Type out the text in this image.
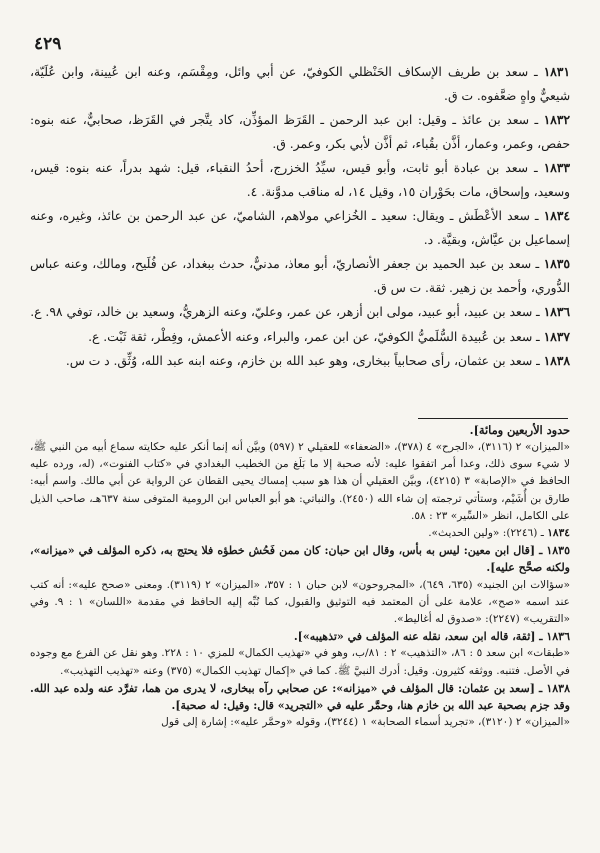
٤٢٩

١٨٣١ ـ سعد بن طريف الإسكاف الحَنْظلي الكوفيّ، عن أبي وائل، ومِقْسَم، وعنه ابن عُيينة، وابن عُلَيّة، شيعيٌّ واهٍ ضعَّفوه. ت ق.

١٨٣٢ ـ سعد بن عائذ ـ وقيل: ابن عبد الرحمن ـ القَرَظ المؤذِّن، كاد يتَّجر في القَرَظ، صحابيٌّ، عنه بنوه: حفص، وعمر، وعمار، أذَّن بقُباء، ثم أذَّن لأبي بكر، وعمر. ق.

١٨٣٣ ـ سعد بن عبادة أبو ثابت، وأبو قيس، سيِّدُ الخزرج، أحدُ النقباء، قيل: شهد بدراً، عنه بنوه: قيس، وسعيد، وإسحاق، مات بحَوْران ١٥، وقيل ١٤، له مناقب مدوَّنة. ٤.

١٨٣٤ ـ سعد الأعْطَش ـ ويقال: سعيد ـ الخُزاعي مولاهم، الشاميّ، عن عبد الرحمن بن عائذ، وغيره، وعنه إسماعيل بن عيَّاش، وبقيَّة. د.

١٨٣٥ ـ سعد بن عبد الحميد بن جعفر الأنصاريّ، أبو معاذ، مدنيٌّ، حدث ببغداد، عن فُلَيح، ومالك، وعنه عباس الدُّوري، وأحمد بن زهير. ثقة. ت س ق.

١٨٣٦ ـ سعد بن عبيد، أبو عبيد، مولى ابن أزهر، عن عمر، وعليّ، وعنه الزهريُّ، وسعيد بن خالد، توفي ٩٨. ع.

١٨٣٧ ـ سعد بن عُبيدة السُّلَميُّ الكوفيّ، عن ابن عمر، والبراء، وعنه الأعمش، وفِطْر، ثقة ثَبْت. ع.

١٨٣٨ ـ سعد بن عثمان، رأى صحابياً ببخارى، وهو عبد الله بن خازم، وعنه ابنه عبد الله، وُثِّق. د ت س.

حدود الأربعين ومائة].
«الميزان» ٢ (٣١١٦)، «الجرح» ٤ (٣٧٨)، «الضعفاء» للعقيلي ٢ (٥٩٧) وبيَّن أنه إنما أنكر عليه حكايته سماع أبيه من النبي ﷺ، لا شيء سوى ذلك، وعدا أمر اتفقوا عليه: لأنه صحبة إلا ما بَلَغ من الخطيب البغدادي في «كتاب الفنوت»، (له، ورده عليه الحافظ في «الإصابة» ٣ (٤٢١٥)، وبيَّن العقيلي أن هذا هو سبب إمساك يحيى القطان عن الرواية عن أبي مالك. واسم أبيه: طارق بن أُشَيْم، وستأتي ترجمته إن شاء الله (٢٤٥٠). والنباتي: هو أبو العباس ابن الرومية المتوفى سنة ٦٣٧هـ، صاحب الذيل على الكامل، انظر «السِّير» ٢٣ : ٥٨.
١٨٣٤ ـ (٢٢٤٦): «ولين الحديث».
١٨٣٥ ـ [قال ابن معين: ليس به بأس، وقال ابن حبان: كان ممن فَحُش خطؤه فلا يحتج به، ذكره المؤلف في «ميزانه»، ولكنه صحَّح عليه].
«سؤالات ابن الجنيد» (٦٣٥، ٦٤٩)، «المجروحون» لابن حبان ١ : ٣٥٧، «الميزان» ٢ (٣١١٩). ومعنى «صحح عليه»: أنه كتب عند اسمه «صح»، علامة على أن المعتمد فيه التوثيق والقبول، كما نُبِّه إليه الحافظ في مقدمة «اللسان» ١ : ٩. وفي «التقريب» (٢٢٤٧): «صدوق له أغاليط».
١٨٣٦ ـ [ثقة، قاله ابن سعد، نقله عنه المؤلف في «تذهيبه»].
«طبقات» ابن سعد ٥ : ٨٦، «التذهيب» ٢ : ٨١/ب، وهو في «تهذيب الكمال» للمزي ١٠ : ٢٢٨. وهو نقل عن الفرع مع وجوده في الأصل. فتنبه. ووثقه كثيرون. وقيل: أدرك النبيَّ ﷺ. كما في «إكمال تهذيب الكمال» (٣٧٥) وعنه «تهذيب التهذيب».
١٨٣٨ ـ [سعد بن عثمان: قال المؤلف في «ميزانه»: عن صحابي رآه ببخارى، لا يدرى من هما، تفرَّد عنه ولده عبد الله. وقد جزم بصحبة عبد الله بن خازم هنا، وحمَّر عليه في «التجريد» قال: وقيل: له صحبة].
«الميزان» ٢ (٣١٢٠)، «تجريد أسماء الصحابة» ١ (٣٢٤٤)، وقوله «وحمَّر عليه»: إشارة إلى قول
